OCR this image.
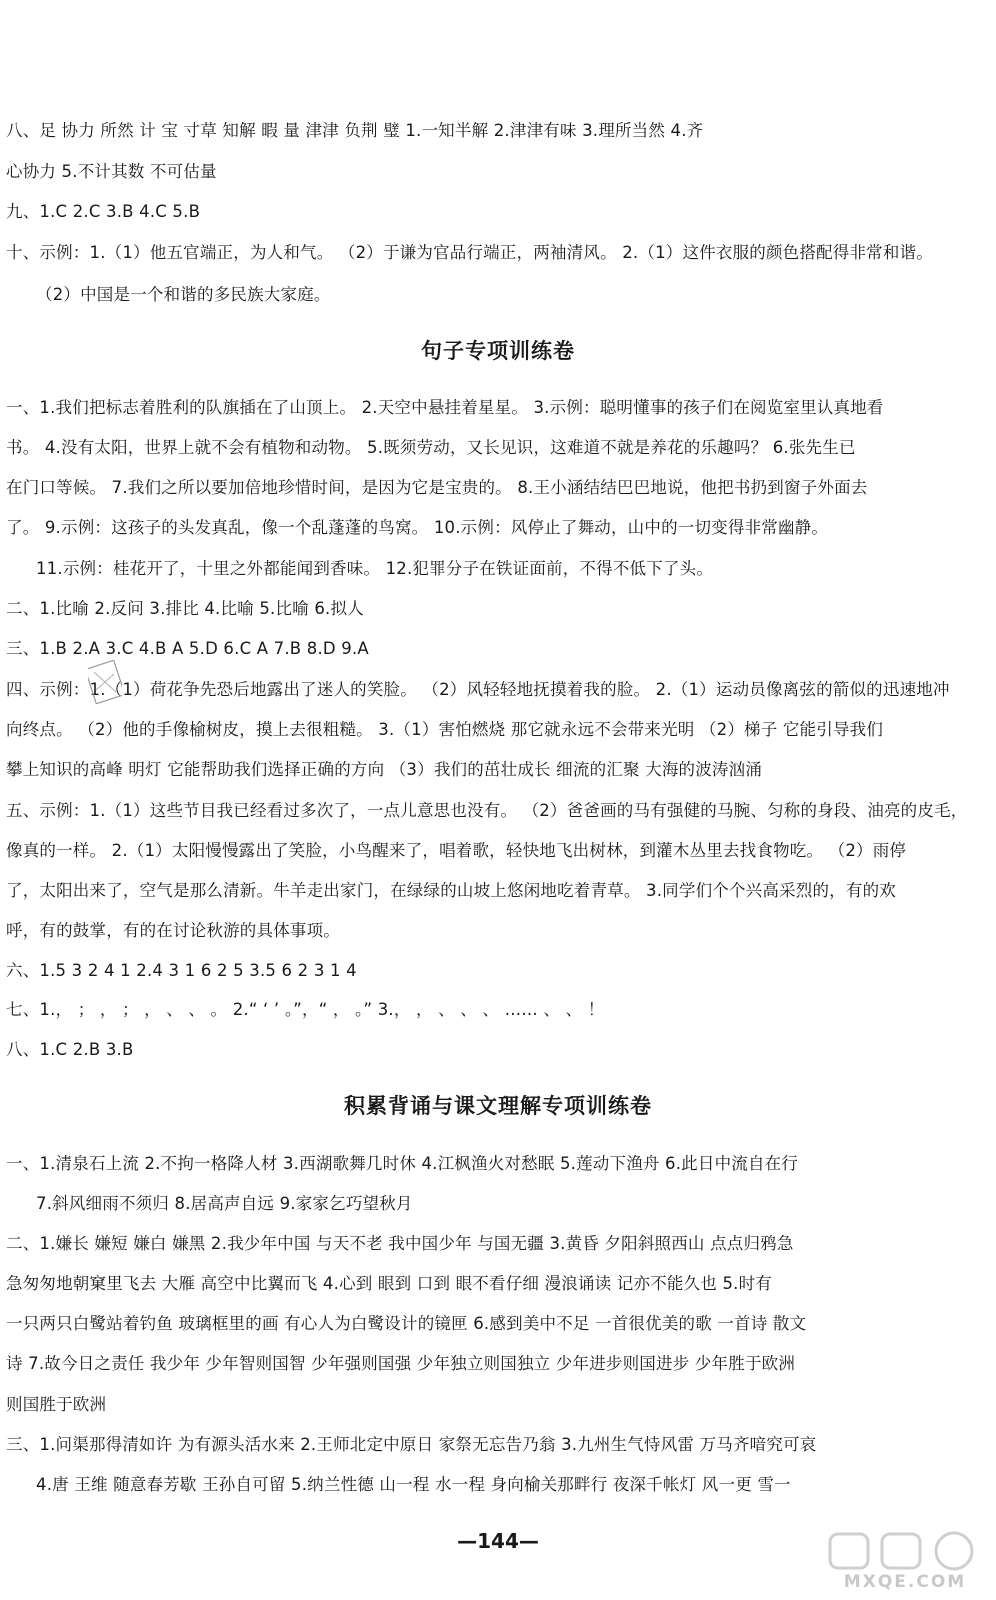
八、足 协力 所然 计 宝 寸草 知解 暇 量 津津 负荆 璧 1.一知半解 2.津津有味 3.理所当然 4.齐
心协力 5.不计其数 不可估量
九、1.C 2.C 3.B 4.C 5.B
十、示例：1.（1）他五官端正，为人和气。 （2）于谦为官品行端正，两袖清风。 2.（1）这件衣服的颜色搭配得非常和谐。
（2）中国是一个和谐的多民族大家庭。
句子专项训练卷
一、1.我们把标志着胜利的队旗插在了山顶上。 2.天空中悬挂着星星。 3.示例：聪明懂事的孩子们在阅览室里认真地看
书。 4.没有太阳，世界上就不会有植物和动物。 5.既须劳动，又长见识，这难道不就是养花的乐趣吗？ 6.张先生已
在门口等候。 7.我们之所以要加倍地珍惜时间，是因为它是宝贵的。 8.王小涵结结巴巴地说，他把书扔到窗子外面去
了。 9.示例：这孩子的头发真乱，像一个乱蓬蓬的鸟窝。 10.示例：风停止了舞动，山中的一切变得非常幽静。
11.示例：桂花开了，十里之外都能闻到香味。 12.犯罪分子在铁证面前，不得不低下了头。
二、1.比喻 2.反问 3.排比 4.比喻 5.比喻 6.拟人
三、1.B 2.A 3.C 4.B A 5.D 6.C A 7.B 8.D 9.A
四、示例：1.（1）荷花争先恐后地露出了迷人的笑脸。 （2）风轻轻地抚摸着我的脸。 2.（1）运动员像离弦的箭似的迅速地冲
向终点。 （2）他的手像榆树皮，摸上去很粗糙。 3.（1）害怕燃烧 那它就永远不会带来光明 （2）梯子 它能引导我们
攀上知识的高峰 明灯 它能帮助我们选择正确的方向 （3）我们的茁壮成长 细流的汇聚 大海的波涛汹涌
五、示例：1.（1）这些节目我已经看过多次了，一点儿意思也没有。 （2）爸爸画的马有强健的马腕、匀称的身段、油亮的皮毛，
像真的一样。 2.（1）太阳慢慢露出了笑脸，小鸟醒来了，唱着歌，轻快地飞出树林，到灌木丛里去找食物吃。 （2）雨停
了，太阳出来了，空气是那么清新。牛羊走出家门，在绿绿的山坡上悠闲地吃着青草。 3.同学们个个兴高采烈的，有的欢
呼，有的鼓掌，有的在讨论秋游的具体事项。
六、1.5 3 2 4 1 2.4 3 1 6 2 5 3.5 6 2 3 1 4
七、1.， ； ， ； ， 、 、 。 2.“ ‘ ’ 。”，“ ， 。” 3.， ， 、 、 、 …… 、 、 ！
八、1.C 2.B 3.B
积累背诵与课文理解专项训练卷
一、1.清泉石上流 2.不拘一格降人材 3.西湖歌舞几时休 4.江枫渔火对愁眠 5.莲动下渔舟 6.此日中流自在行
7.斜风细雨不须归 8.居高声自远 9.家家乞巧望秋月
二、1.嫌长 嫌短 嫌白 嫌黑 2.我少年中国 与天不老 我中国少年 与国无疆 3.黄昏 夕阳斜照西山 点点归鸦急
急匆匆地朝窠里飞去 大雁 高空中比翼而飞 4.心到 眼到 口到 眼不看仔细 漫浪诵读 记亦不能久也 5.时有
一只两只白鹭站着钓鱼 玻璃框里的画 有心人为白鹭设计的镜匣 6.感到美中不足 一首很优美的歌 一首诗 散文
诗 7.故今日之责任 我少年 少年智则国智 少年强则国强 少年独立则国独立 少年进步则国进步 少年胜于欧洲
则国胜于欧洲
三、1.问渠那得清如许 为有源头活水来 2.王师北定中原日 家祭无忘告乃翁 3.九州生气恃风雷 万马齐喑究可哀
4.唐 王维 随意春芳歇 王孙自可留 5.纳兰性德 山一程 水一程 身向榆关那畔行 夜深千帐灯 风一更 雪一
—144—
MXQE.COM
